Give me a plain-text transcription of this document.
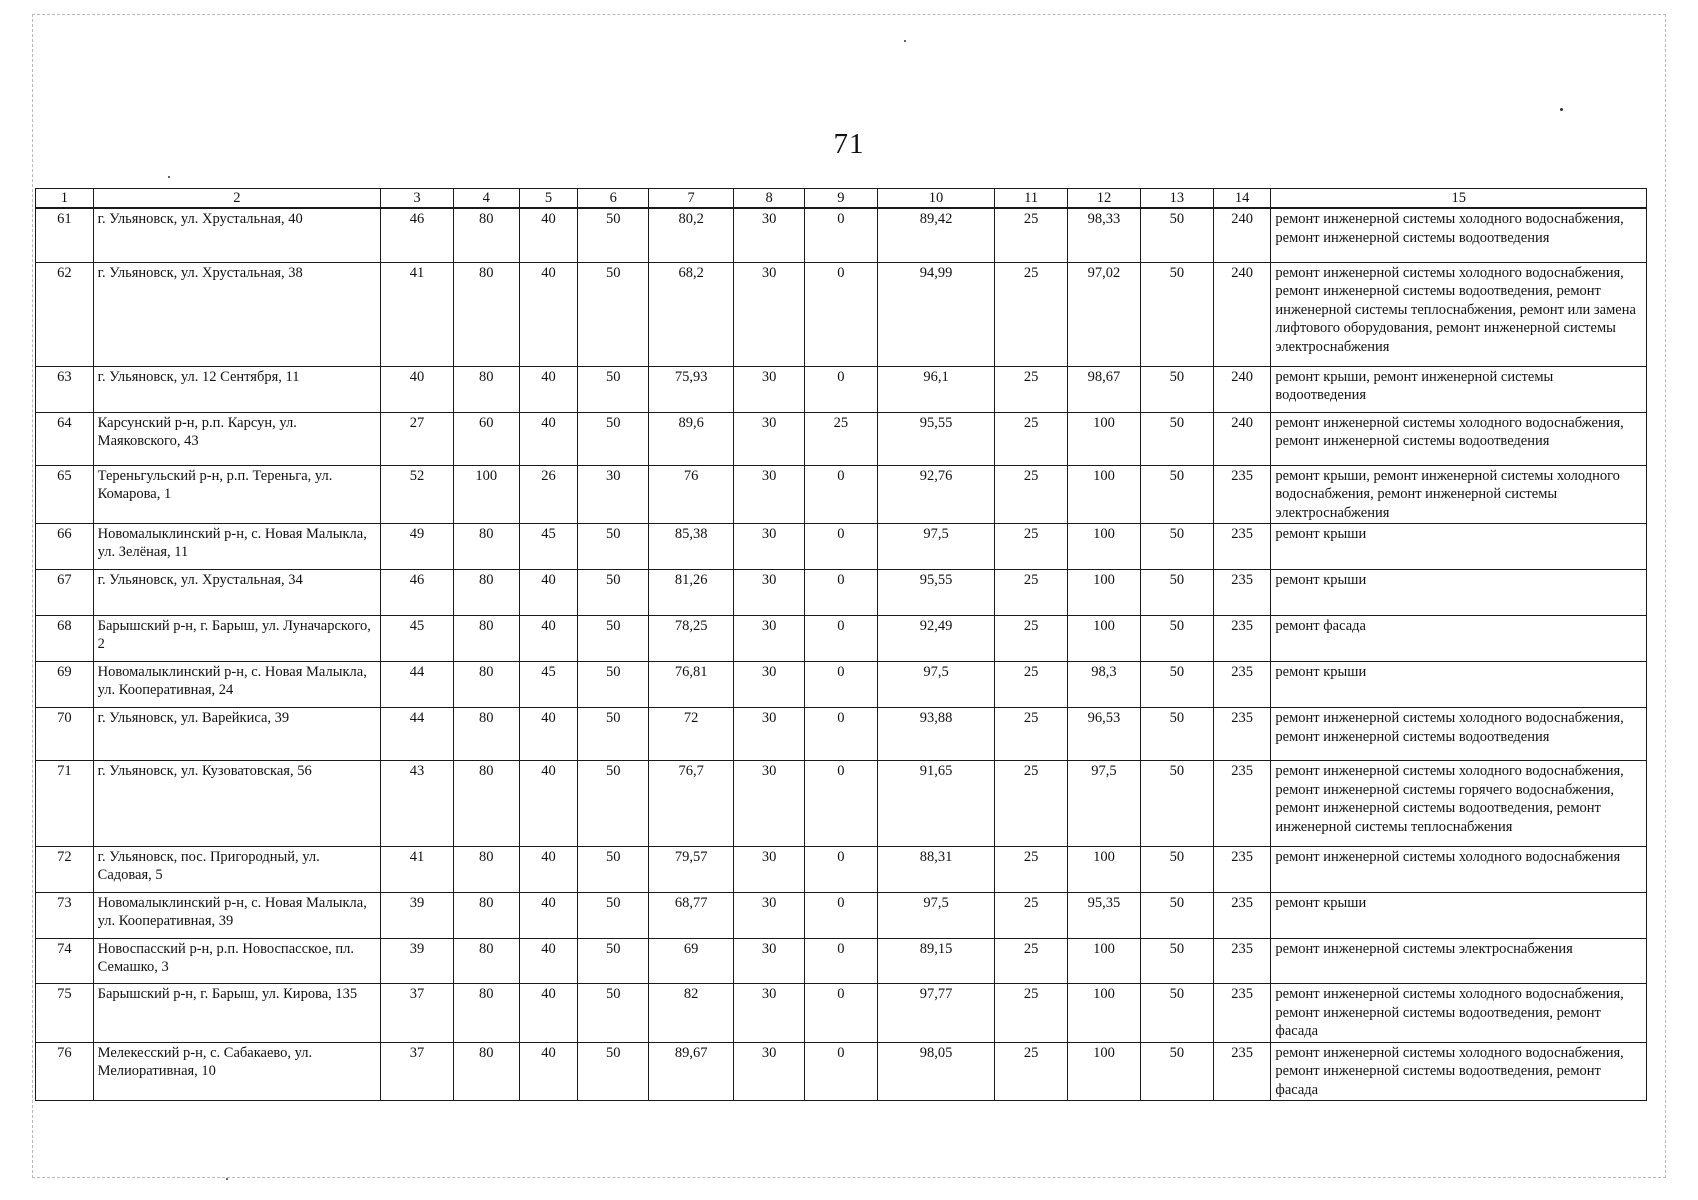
71
1	2	3	4	5	6	7	8	9	10	11	12	13	14	15
61	г. Ульяновск, ул. Хрустальная, 40	46	80	40	50	80,2	30	0	89,42	25	98,33	50	240	ремонт инженерной системы холодного водоснабжения, ремонт инженерной системы водоотведения
62	г. Ульяновск, ул. Хрустальная, 38	41	80	40	50	68,2	30	0	94,99	25	97,02	50	240	ремонт инженерной системы холодного водоснабжения, ремонт инженерной системы водоотведения, ремонт инженерной системы теплоснабжения, ремонт или замена лифтового оборудования, ремонт инженерной системы электроснабжения
63	г. Ульяновск, ул. 12 Сентября, 11	40	80	40	50	75,93	30	0	96,1	25	98,67	50	240	ремонт крыши, ремонт инженерной системы водоотведения
64	Карсунский р-н, р.п. Карсун, ул. Маяковского, 43	27	60	40	50	89,6	30	25	95,55	25	100	50	240	ремонт инженерной системы холодного водоснабжения, ремонт инженерной системы водоотведения
65	Тереньгульский р-н, р.п. Тереньга, ул. Комарова, 1	52	100	26	30	76	30	0	92,76	25	100	50	235	ремонт крыши, ремонт инженерной системы холодного водоснабжения, ремонт инженерной системы электроснабжения
66	Новомалыклинский р-н, с. Новая Малыкла, ул. Зелёная, 11	49	80	45	50	85,38	30	0	97,5	25	100	50	235	ремонт крыши
67	г. Ульяновск, ул. Хрустальная, 34	46	80	40	50	81,26	30	0	95,55	25	100	50	235	ремонт крыши
68	Барышский р-н, г. Барыш, ул. Луначарского, 2	45	80	40	50	78,25	30	0	92,49	25	100	50	235	ремонт фасада
69	Новомалыклинский р-н, с. Новая Малыкла, ул. Кооперативная, 24	44	80	45	50	76,81	30	0	97,5	25	98,3	50	235	ремонт крыши
70	г. Ульяновск, ул. Варейкиса, 39	44	80	40	50	72	30	0	93,88	25	96,53	50	235	ремонт инженерной системы холодного водоснабжения, ремонт инженерной системы водоотведения
71	г. Ульяновск, ул. Кузоватовская, 56	43	80	40	50	76,7	30	0	91,65	25	97,5	50	235	ремонт инженерной системы холодного водоснабжения, ремонт инженерной системы горячего водоснабжения, ремонт инженерной системы водоотведения, ремонт инженерной системы теплоснабжения
72	г. Ульяновск, пос. Пригородный, ул. Садовая, 5	41	80	40	50	79,57	30	0	88,31	25	100	50	235	ремонт инженерной системы холодного водоснабжения
73	Новомалыклинский р-н, с. Новая Малыкла, ул. Кооперативная, 39	39	80	40	50	68,77	30	0	97,5	25	95,35	50	235	ремонт крыши
74	Новоспасский р-н, р.п. Новоспасское, пл. Семашко, 3	39	80	40	50	69	30	0	89,15	25	100	50	235	ремонт инженерной системы электроснабжения
75	Барышский р-н, г. Барыш, ул. Кирова, 135	37	80	40	50	82	30	0	97,77	25	100	50	235	ремонт инженерной системы холодного водоснабжения, ремонт инженерной системы водоотведения, ремонт фасада
76	Мелекесский р-н, с. Сабакаево, ул. Мелиоративная, 10	37	80	40	50	89,67	30	0	98,05	25	100	50	235	ремонт инженерной системы холодного водоснабжения, ремонт инженерной системы водоотведения, ремонт фасада
